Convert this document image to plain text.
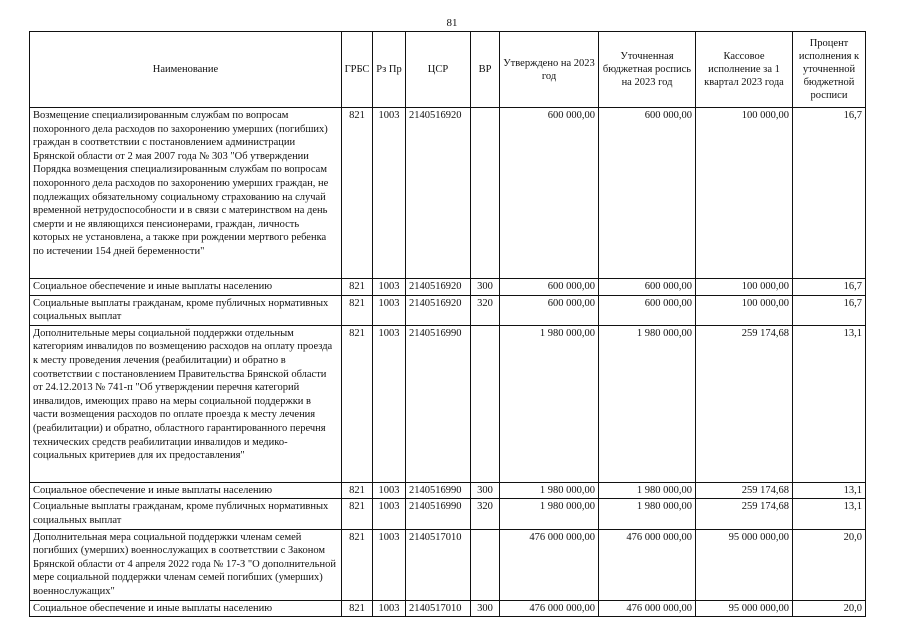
81
Наименование	ГРБС	Рз Пр	ЦСР	ВР	Утверждено на 2023 год	Уточненная бюджетная роспись на 2023 год	Кассовое исполнение за 1 квартал 2023 года	Процент исполнения к уточненной бюджетной росписи
Возмещение специализированным службам по вопросам похоронного дела расходов по захоронению умерших (погибших) граждан в соответствии с постановлением администрации Брянской области от 2 мая 2007 года № 303 "Об утверждении Порядка возмещения специализированным службам по вопросам похоронного дела расходов по захоронению умерших граждан, не подлежащих обязательному социальному страхованию на случай временной нетрудоспособности и в связи с материнством на день смерти и не являющихся пенсионерами, граждан, личность которых не установлена, а также при рождении мертвого ребенка по истечении 154 дней беременности"	821	1003	2140516920		600 000,00	600 000,00	100 000,00	16,7
Социальное обеспечение и иные выплаты населению	821	1003	2140516920	300	600 000,00	600 000,00	100 000,00	16,7
Социальные выплаты гражданам, кроме публичных нормативных социальных выплат	821	1003	2140516920	320	600 000,00	600 000,00	100 000,00	16,7
Дополнительные меры социальной поддержки отдельным категориям инвалидов по возмещению расходов на оплату проезда к месту проведения лечения (реабилитации) и обратно в соответствии с постановлением Правительства Брянской области от 24.12.2013 № 741-п "Об утверждении перечня категорий инвалидов, имеющих право на меры социальной поддержки в части возмещения расходов по оплате проезда к месту лечения (реабилитации) и обратно, областного гарантированного перечня технических средств реабилитации инвалидов и медико-социальных критериев для их предоставления"	821	1003	2140516990		1 980 000,00	1 980 000,00	259 174,68	13,1
Социальное обеспечение и иные выплаты населению	821	1003	2140516990	300	1 980 000,00	1 980 000,00	259 174,68	13,1
Социальные выплаты гражданам, кроме публичных нормативных социальных выплат	821	1003	2140516990	320	1 980 000,00	1 980 000,00	259 174,68	13,1
Дополнительная мера социальной поддержки членам семей погибших (умерших) военнослужащих в соответствии с Законом Брянской области от 4 апреля 2022 года № 17-З "О дополнительной мере социальной поддержки членам семей погибших (умерших) военнослужащих"	821	1003	2140517010		476 000 000,00	476 000 000,00	95 000 000,00	20,0
Социальное обеспечение и иные выплаты населению	821	1003	2140517010	300	476 000 000,00	476 000 000,00	95 000 000,00	20,0
